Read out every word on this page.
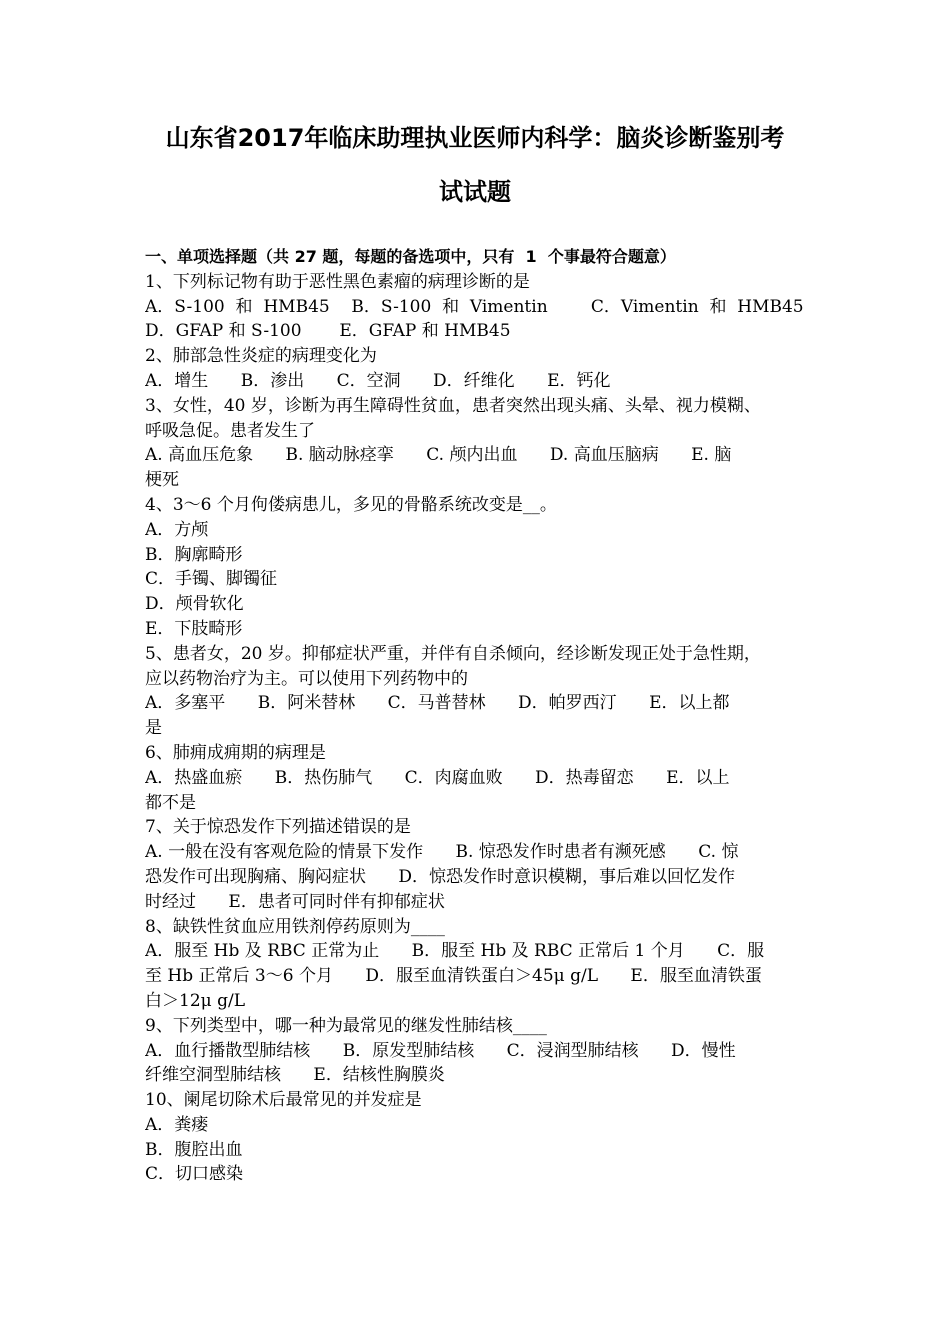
山东省2017年临床助理执业医师内科学：脑炎诊断鉴别考
试试题
一、单项选择题（共 27 题，每题的备选项中，只有  1  个事最符合题意）
1、下列标记物有助于恶性黑色素瘤的病理诊断的是
A．S-100  和  HMB45    B．S-100  和  Vimentin        C．Vimentin  和  HMB45
D．GFAP 和 S-100       E．GFAP 和 HMB45
2、肺部急性炎症的病理变化为
A．增生      B．渗出      C．空洞      D．纤维化      E．钙化
3、女性，40 岁，诊断为再生障碍性贫血，患者突然出现头痛、头晕、视力模糊、
呼吸急促。患者发生了
A. 高血压危象      B. 脑动脉痉挛      C. 颅内出血      D. 高血压脑病      E. 脑
梗死
4、3～6 个月佝偻病患儿，多见的骨骼系统改变是__。
A．方颅
B．胸廓畸形
C．手镯、脚镯征
D．颅骨软化
E．下肢畸形
5、患者女，20 岁。抑郁症状严重，并伴有自杀倾向，经诊断发现正处于急性期，
应以药物治疗为主。可以使用下列药物中的
A．多塞平      B．阿米替林      C．马普替林      D．帕罗西汀      E．以上都
是
6、肺痈成痈期的病理是
A．热盛血瘀      B．热伤肺气      C．肉腐血败      D．热毒留恋      E．以上
都不是
7、关于惊恐发作下列描述错误的是
A. 一般在没有客观危险的情景下发作      B. 惊恐发作时患者有濒死感      C. 惊
恐发作可出现胸痛、胸闷症状      D．惊恐发作时意识模糊，事后难以回忆发作
时经过      E．患者可同时伴有抑郁症状
8、缺铁性贫血应用铁剂停药原则为____
A．服至 Hb 及 RBC 正常为止      B．服至 Hb 及 RBC 正常后 1 个月      C．服
至 Hb 正常后 3～6 个月      D．服至血清铁蛋白＞45μ g/L      E．服至血清铁蛋
白＞12μ g/L
9、下列类型中，哪一种为最常见的继发性肺结核____
A．血行播散型肺结核      B．原发型肺结核      C．浸润型肺结核      D．慢性
纤维空洞型肺结核      E．结核性胸膜炎
10、阑尾切除术后最常见的并发症是
A．粪瘘
B．腹腔出血
C．切口感染
